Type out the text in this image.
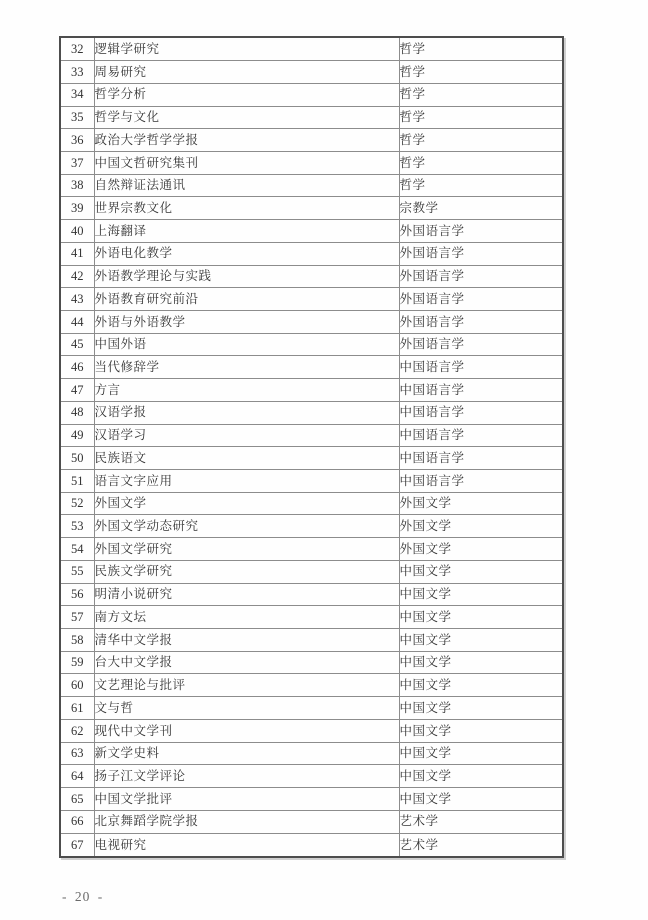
32	逻辑学研究	哲学
33	周易研究	哲学
34	哲学分析	哲学
35	哲学与文化	哲学
36	政治大学哲学学报	哲学
37	中国文哲研究集刊	哲学
38	自然辩证法通讯	哲学
39	世界宗教文化	宗教学
40	上海翻译	外国语言学
41	外语电化教学	外国语言学
42	外语教学理论与实践	外国语言学
43	外语教育研究前沿	外国语言学
44	外语与外语教学	外国语言学
45	中国外语	外国语言学
46	当代修辞学	中国语言学
47	方言	中国语言学
48	汉语学报	中国语言学
49	汉语学习	中国语言学
50	民族语文	中国语言学
51	语言文字应用	中国语言学
52	外国文学	外国文学
53	外国文学动态研究	外国文学
54	外国文学研究	外国文学
55	民族文学研究	中国文学
56	明清小说研究	中国文学
57	南方文坛	中国文学
58	清华中文学报	中国文学
59	台大中文学报	中国文学
60	文艺理论与批评	中国文学
61	文与哲	中国文学
62	现代中文学刊	中国文学
63	新文学史料	中国文学
64	扬子江文学评论	中国文学
65	中国文学批评	中国文学
66	北京舞蹈学院学报	艺术学
67	电视研究	艺术学
- 20 -
